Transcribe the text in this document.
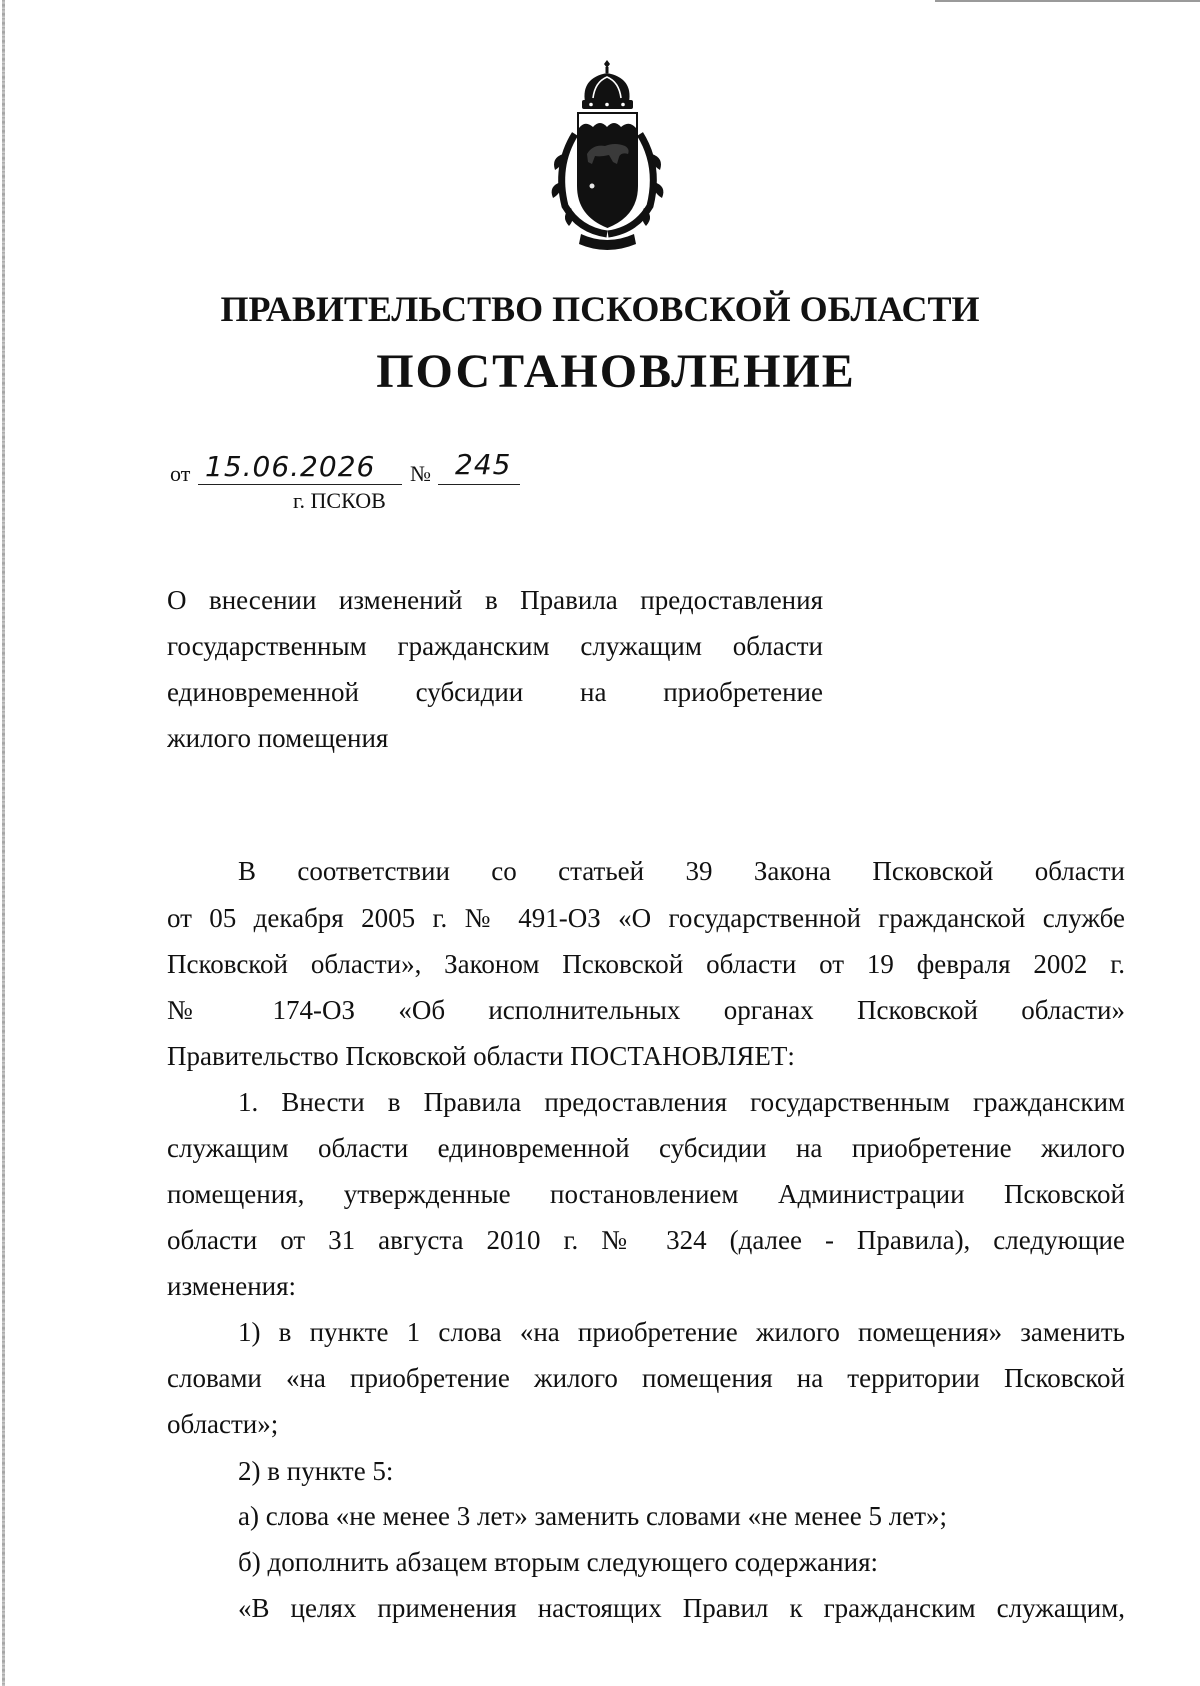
ПРАВИТЕЛЬСТВО ПСКОВСКОЙ ОБЛАСТИ
ПОСТАНОВЛЕНИЕ
от 15.06.2026 № 245
г. ПСКОВ
О внесении изменений в Правила предоставления
государственным гражданским служащим области
единовременной субсидии на приобретение
жилого помещения
В соответствии со статьей 39 Закона Псковской области
от 05 декабря 2005 г. № 491-ОЗ «О государственной гражданской службе
Псковской области», Законом Псковской области от 19 февраля 2002 г.
№ 174-ОЗ «Об исполнительных органах Псковской области»
Правительство Псковской области ПОСТАНОВЛЯЕТ:
1. Внести в Правила предоставления государственным гражданским
служащим области единовременной субсидии на приобретение жилого
помещения, утвержденные постановлением Администрации Псковской
области от 31 августа 2010 г. № 324 (далее - Правила), следующие
изменения:
1) в пункте 1 слова «на приобретение жилого помещения» заменить
словами «на приобретение жилого помещения на территории Псковской
области»;
2) в пункте 5:
а) слова «не менее 3 лет» заменить словами «не менее 5 лет»;
б) дополнить абзацем вторым следующего содержания:
«В целях применения настоящих Правил к гражданским служащим,
